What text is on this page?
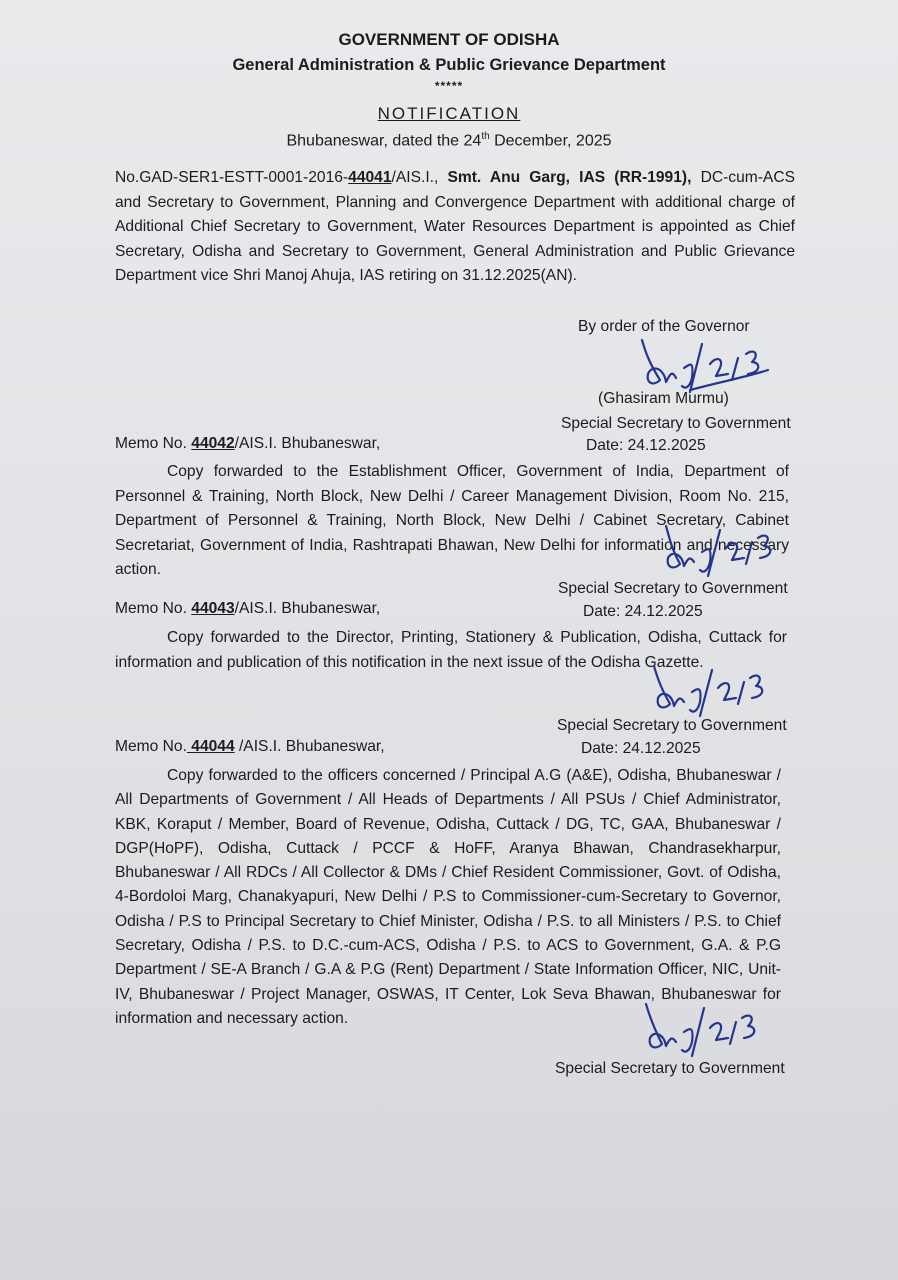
GOVERNMENT OF ODISHA
General Administration & Public Grievance Department
*****
NOTIFICATION
Bhubaneswar, dated the 24th December, 2025
No.GAD-SER1-ESTT-0001-2016-44041/AIS.I., Smt. Anu Garg, IAS (RR-1991), DC-cum-ACS and Secretary to Government, Planning and Convergence Department with additional charge of Additional Chief Secretary to Government, Water Resources Department is appointed as Chief Secretary, Odisha and Secretary to Government, General Administration and Public Grievance Department vice Shri Manoj Ahuja, IAS retiring on 31.12.2025(AN).
By order of the Governor
(Ghasiram Murmu)
Special Secretary to Government
Memo No. 44042/AIS.I. Bhubaneswar,	Date: 24.12.2025
Copy forwarded to the Establishment Officer, Government of India, Department of Personnel & Training, North Block, New Delhi / Career Management Division, Room No. 215, Department of Personnel & Training, North Block, New Delhi / Cabinet Secretary, Cabinet Secretariat, Government of India, Rashtrapati Bhawan, New Delhi for information and necessary action.
Special Secretary to Government
Memo No. 44043/AIS.I. Bhubaneswar,	Date: 24.12.2025
Copy forwarded to the Director, Printing, Stationery & Publication, Odisha, Cuttack for information and publication of this notification in the next issue of the Odisha Gazette.
Special Secretary to Government
Memo No. 44044 /AIS.I. Bhubaneswar,	Date: 24.12.2025
Copy forwarded to the officers concerned / Principal A.G (A&E), Odisha, Bhubaneswar / All Departments of Government / All Heads of Departments / All PSUs / Chief Administrator, KBK, Koraput / Member, Board of Revenue, Odisha, Cuttack / DG, TC, GAA, Bhubaneswar / DGP(HoPF), Odisha, Cuttack / PCCF & HoFF, Aranya Bhawan, Chandrasekharpur, Bhubaneswar / All RDCs / All Collector & DMs / Chief Resident Commissioner, Govt. of Odisha, 4-Bordoloi Marg, Chanakyapuri, New Delhi / P.S to Commissioner-cum-Secretary to Governor, Odisha / P.S to Principal Secretary to Chief Minister, Odisha / P.S. to all Ministers / P.S. to Chief Secretary, Odisha / P.S. to D.C.-cum-ACS, Odisha / P.S. to ACS to Government, G.A. & P.G Department / SE-A Branch / G.A & P.G (Rent) Department / State Information Officer, NIC, Unit-IV, Bhubaneswar / Project Manager, OSWAS, IT Center, Lok Seva Bhawan, Bhubaneswar for information and necessary action.
Special Secretary to Government
